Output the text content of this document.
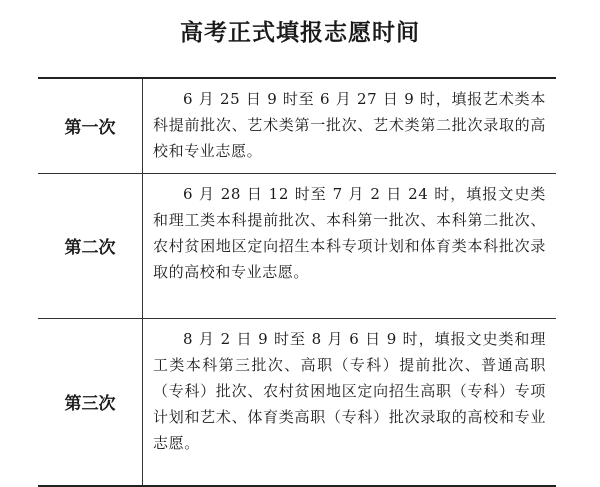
高考正式填报志愿时间
第一次	6 月 25 日 9 时至 6 月 27 日 9 时，填报艺术类本科提前批次、艺术类第一批次、艺术类第二批次录取的高校和专业志愿。
第二次	6 月 28 日 12 时至 7 月 2 日 24 时，填报文史类和理工类本科提前批次、本科第一批次、本科第二批次、农村贫困地区定向招生本科专项计划和体育类本科批次录取的高校和专业志愿。
第三次	8 月 2 日 9 时至 8 月 6 日 9 时，填报文史类和理工类本科第三批次、高职（专科）提前批次、普通高职（专科）批次、农村贫困地区定向招生高职（专科）专项计划和艺术、体育类高职（专科）批次录取的高校和专业志愿。
